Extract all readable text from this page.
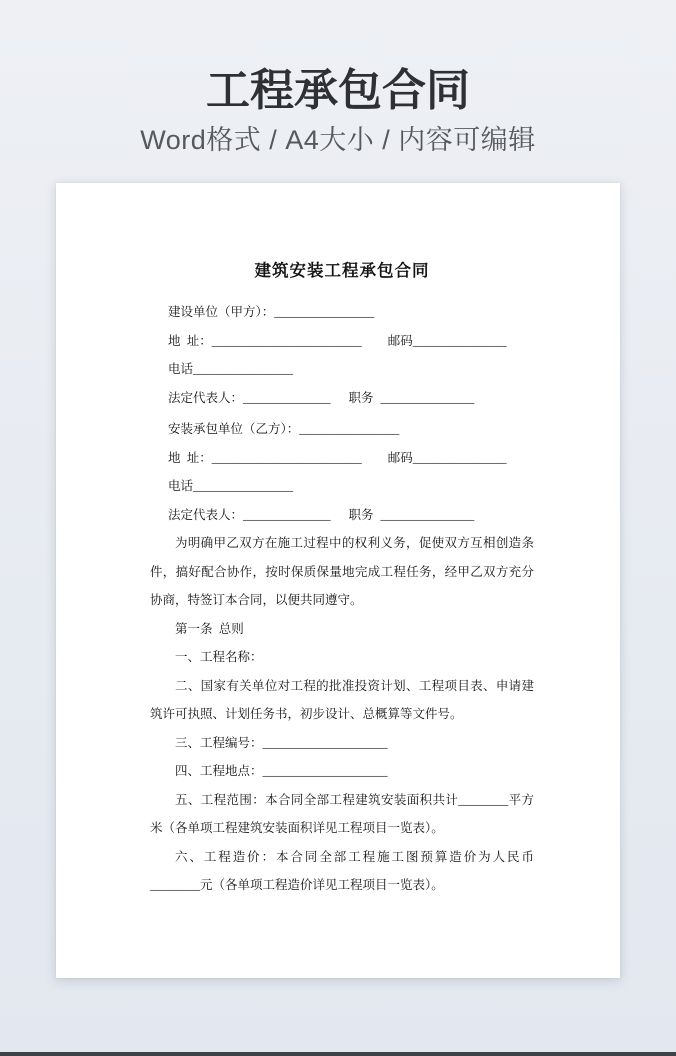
工程承包合同
Word格式 / A4大小 / 内容可编辑
建筑安装工程承包合同
建设单位（甲方）：________________
地  址：________________________ 邮码_______________
电话________________
法定代表人：______________ 职务 _______________
安装承包单位（乙方）：________________
地  址：________________________ 邮码_______________
电话________________
法定代表人：______________ 职务 _______________

为明确甲乙双方在施工过程中的权利义务，促使双方互相创造条件，搞好配合协作，按时保质保量地完成工程任务，经甲乙双方充分协商，特签订本合同，以便共同遵守。

第一条  总则
一、工程名称：

二、国家有关单位对工程的批准投资计划、工程项目表、申请建筑许可执照、计划任务书，初步设计、总概算等文件号。

三、工程编号：____________________
四、工程地点：____________________

五、工程范围：本合同全部工程建筑安装面积共计________平方米（各单项工程建筑安装面积详见工程项目一览表）。

六、工程造价：本合同全部工程施工图预算造价为人民币________元（各单项工程造价详见工程项目一览表）。
